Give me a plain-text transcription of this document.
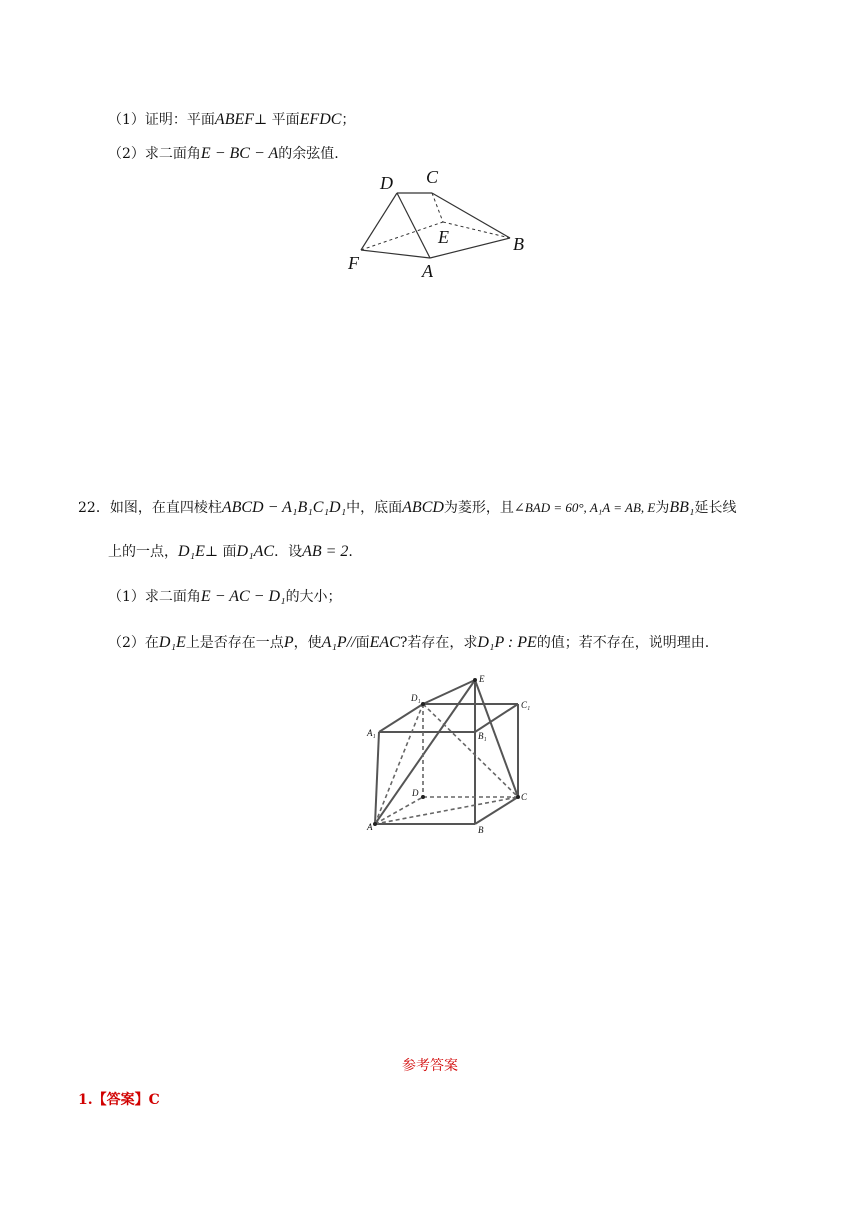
（1）证明：平面ABEF⊥ 平面EFDC；
（2）求二面角E − BC − A的余弦值.
D C
E	B
F	A
22．如图，在直四棱柱ABCD − A₁B₁C₁D₁中，底面ABCD为菱形，且∠BAD = 60°, A₁A = AB, E为BB₁延长线
上的一点，D₁E⊥ 面D₁AC．设AB = 2.
（1）求二面角E − AC − D₁的大小；
（2）在D₁E上是否存在一点P，使A₁P//面EAC?若存在，求D₁P : PE的值；若不存在，说明理由.
E
D₁
C₁
A₁	B₁
D	C
A	B
参考答案
1.【答案】C
